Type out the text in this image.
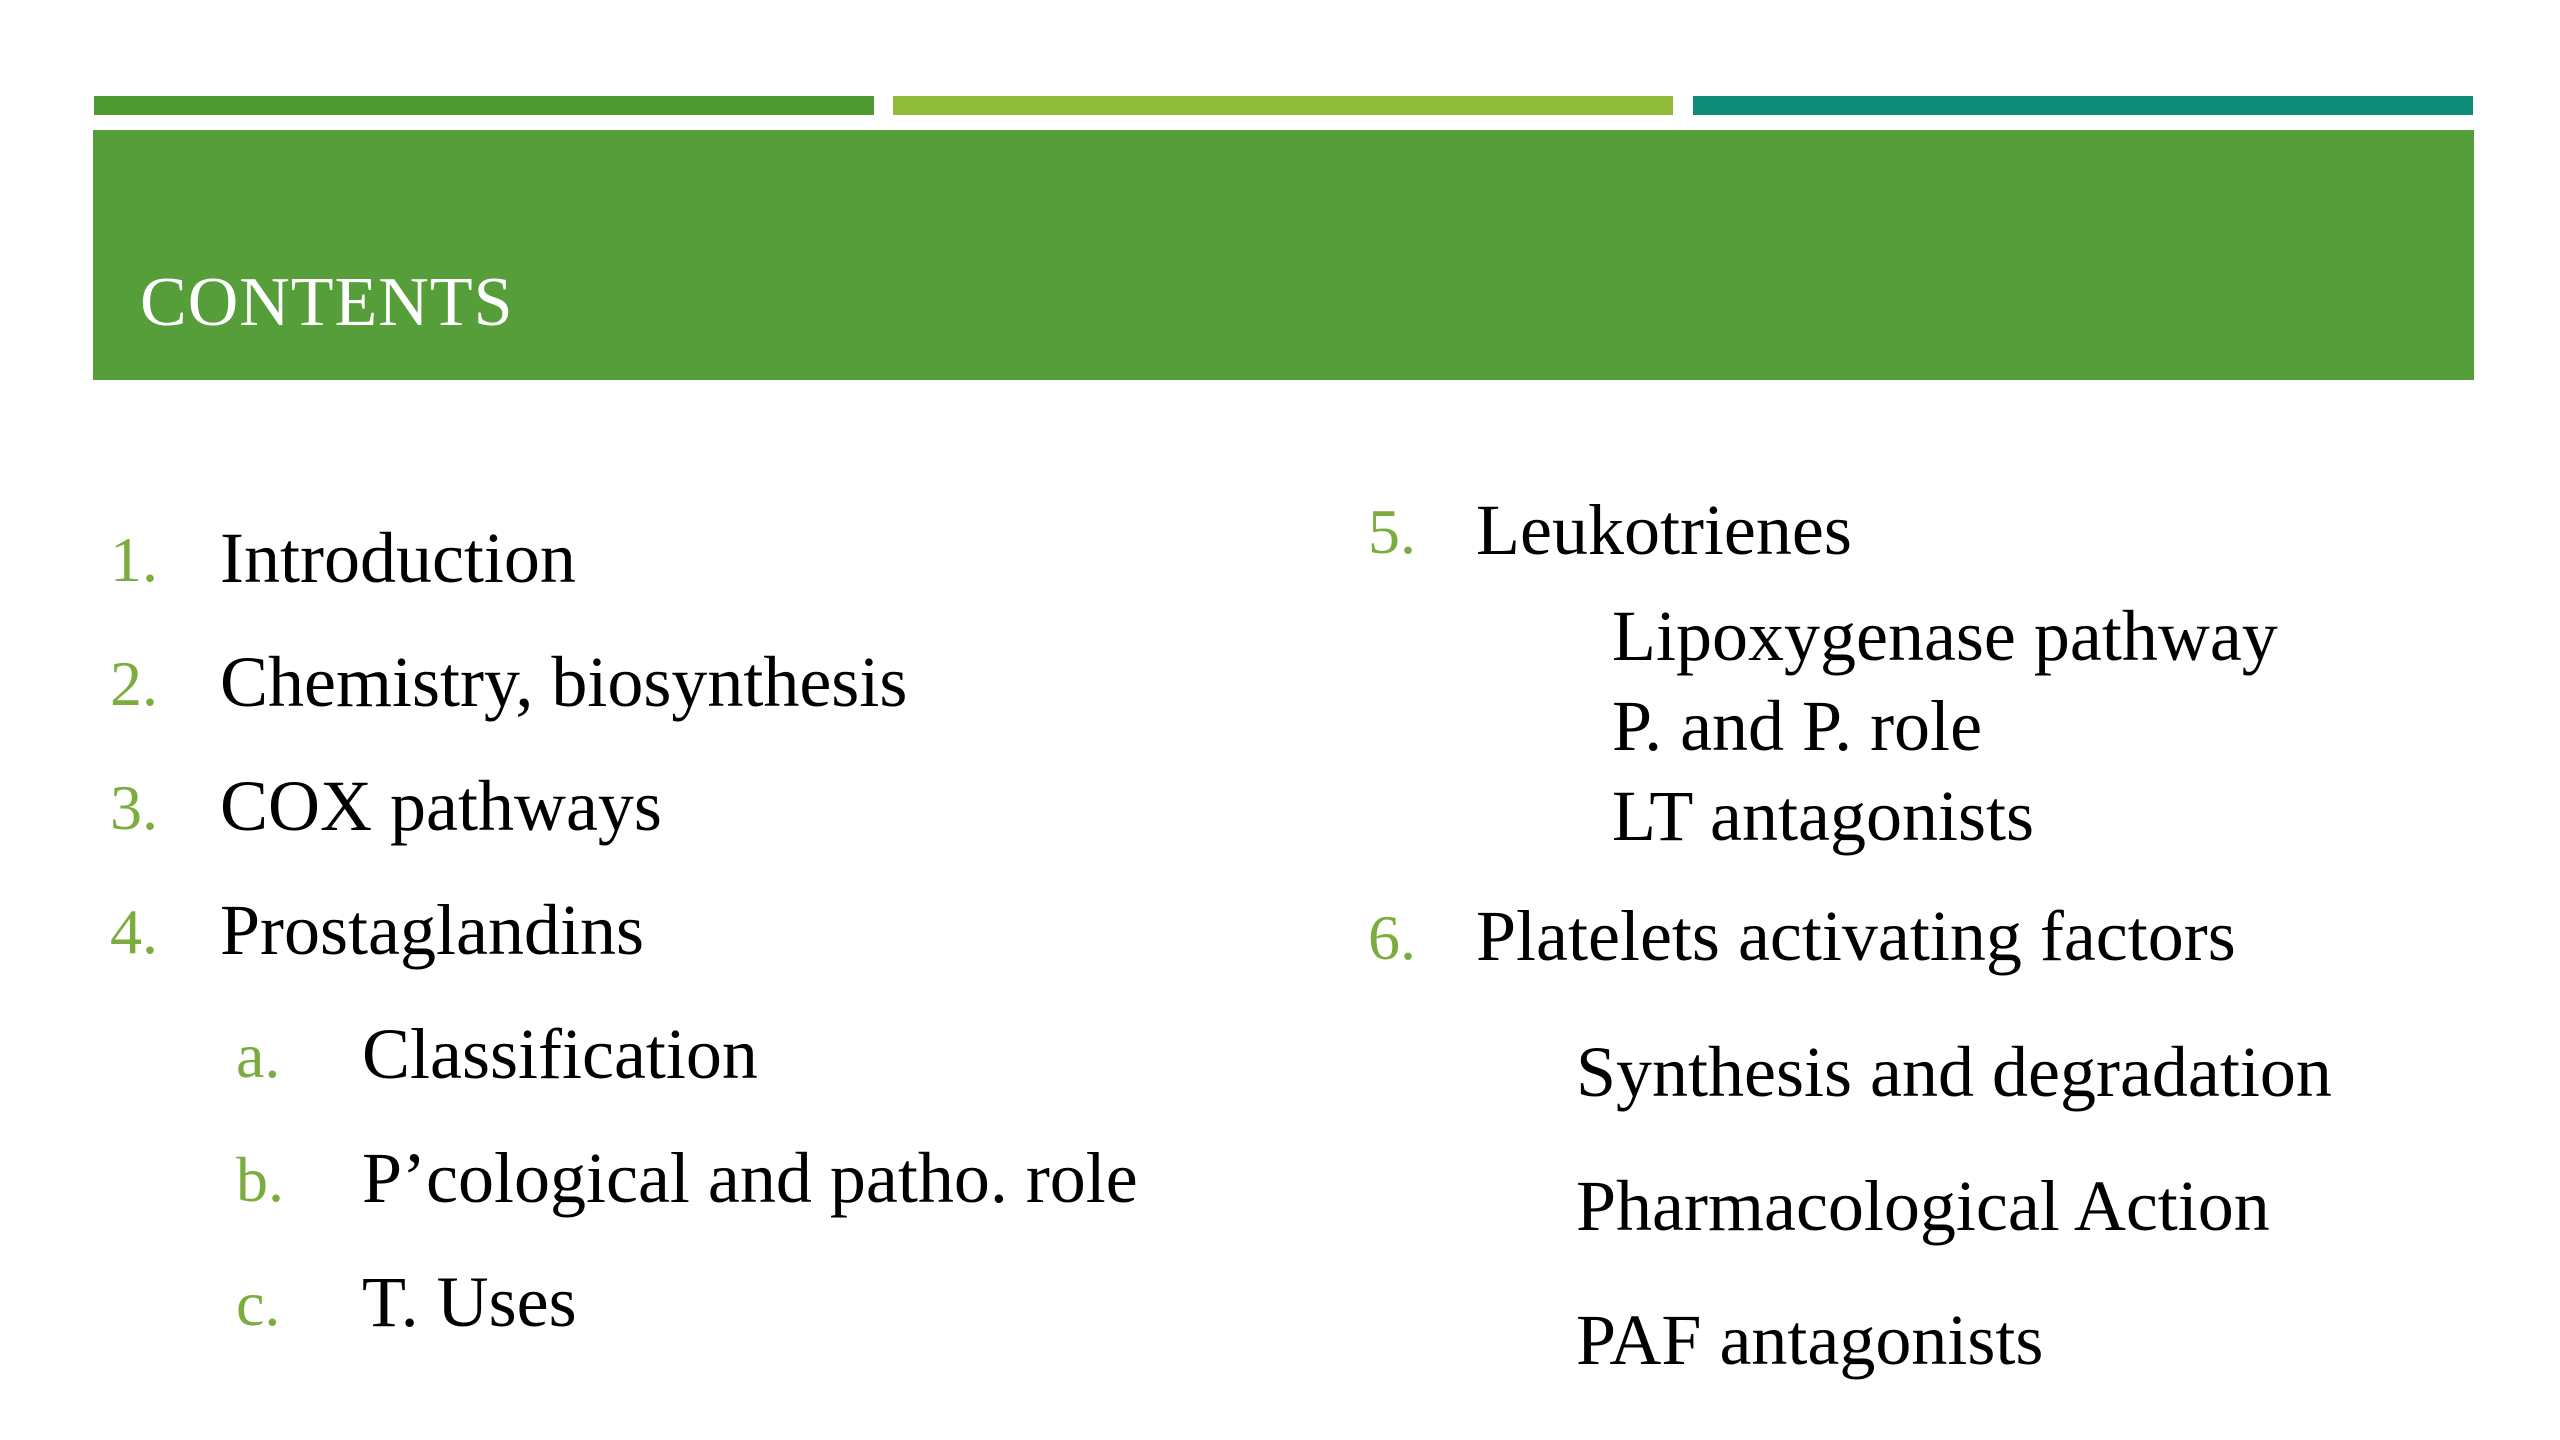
CONTENTS
1. Introduction
2. Chemistry, biosynthesis
3. COX pathways
4. Prostaglandins
a. Classification
b. P’cological and patho. role
c. T. Uses
5. Leukotrienes
Lipoxygenase pathway
P. and P. role
LT antagonists
6. Platelets activating factors
Synthesis and degradation
Pharmacological Action
PAF antagonists
